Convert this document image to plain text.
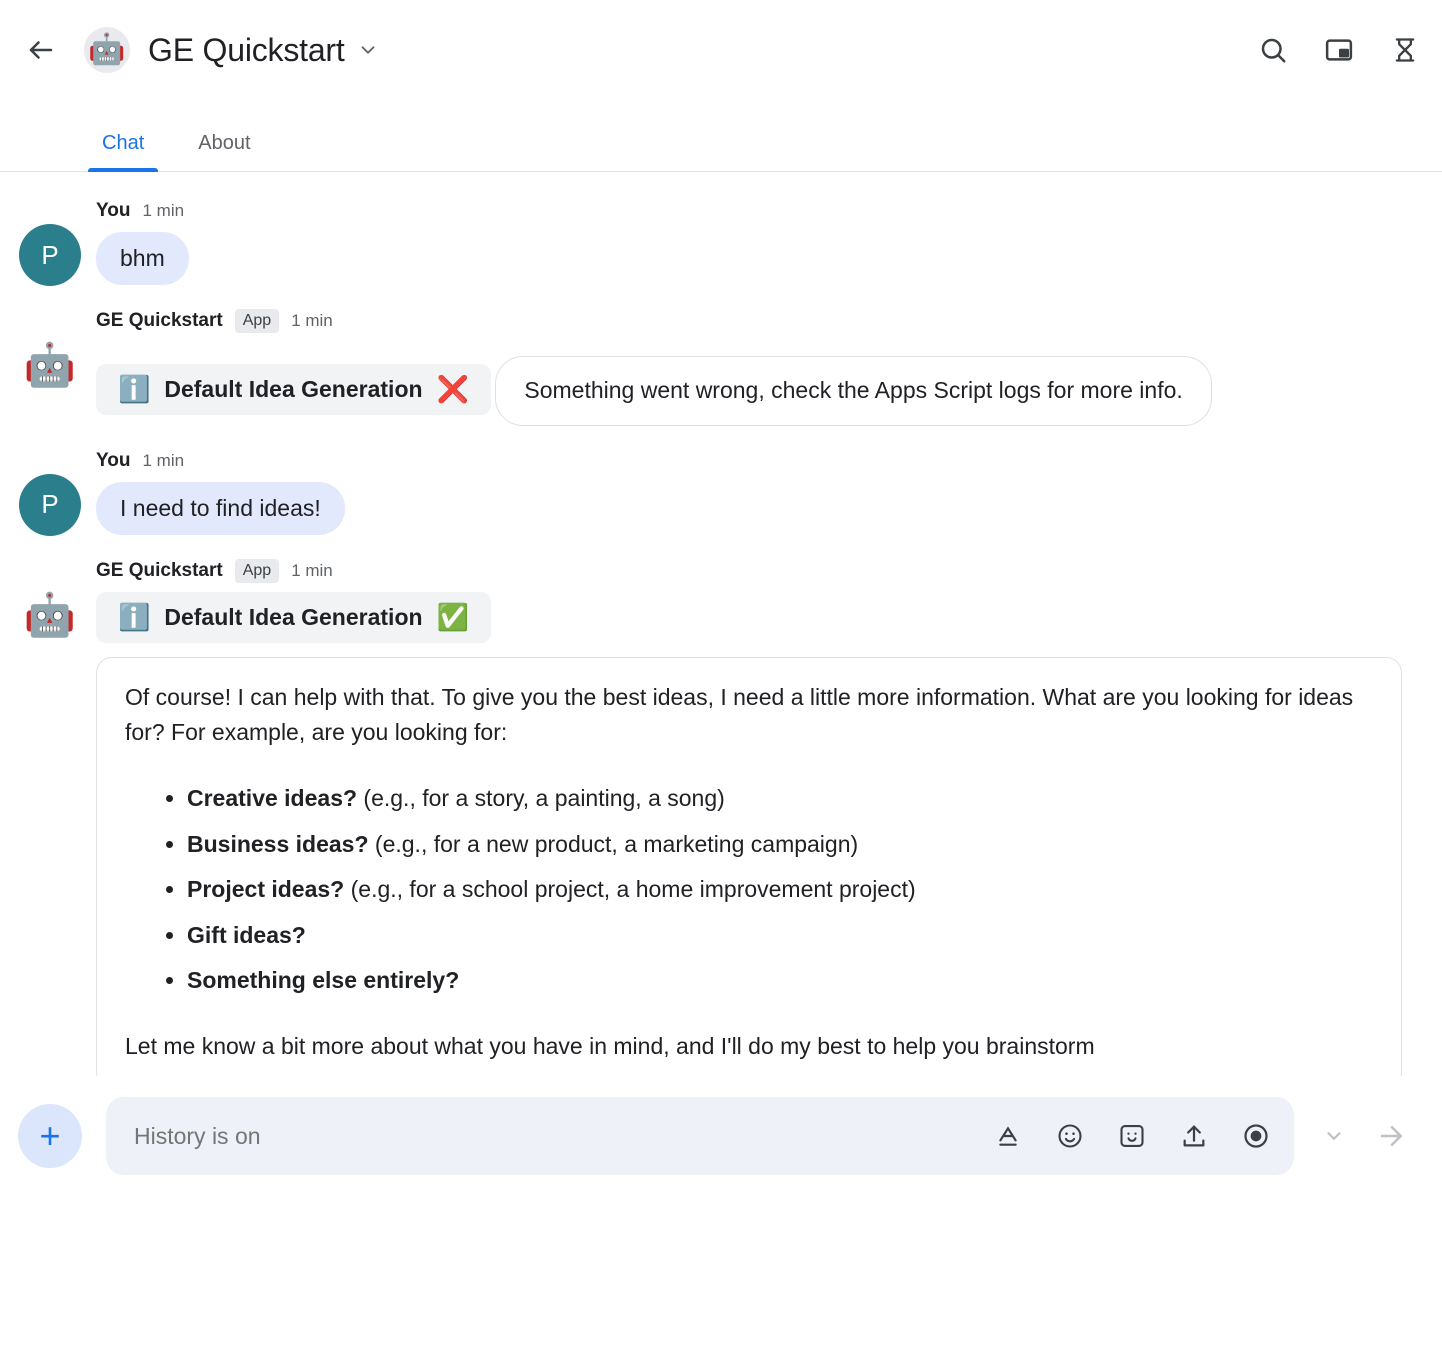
🤖 GE Quickstart
Chat	About
P
You 1 min
bhm
🤖
GE Quickstart	App	1 min
ℹ️ Default Idea Generation ❌ Something went wrong, check the Apps Script logs for more info.
P
You 1 min
I need to find ideas!
🤖
GE Quickstart	App	1 min
ℹ️ Default Idea Generation ✅

Of course! I can help with that. To give you the best ideas, I need a little more information. What are you looking for ideas for? For example, are you looking for:

• Creative ideas? (e.g., for a story, a painting, a song)
• Business ideas? (e.g., for a new product, a marketing campaign)
• Project ideas? (e.g., for a school project, a home improvement project)
• Gift ideas?
• Something else entirely?

Let me know a bit more about what you have in mind, and I'll do my best to help you brainstorm

+
History is on
